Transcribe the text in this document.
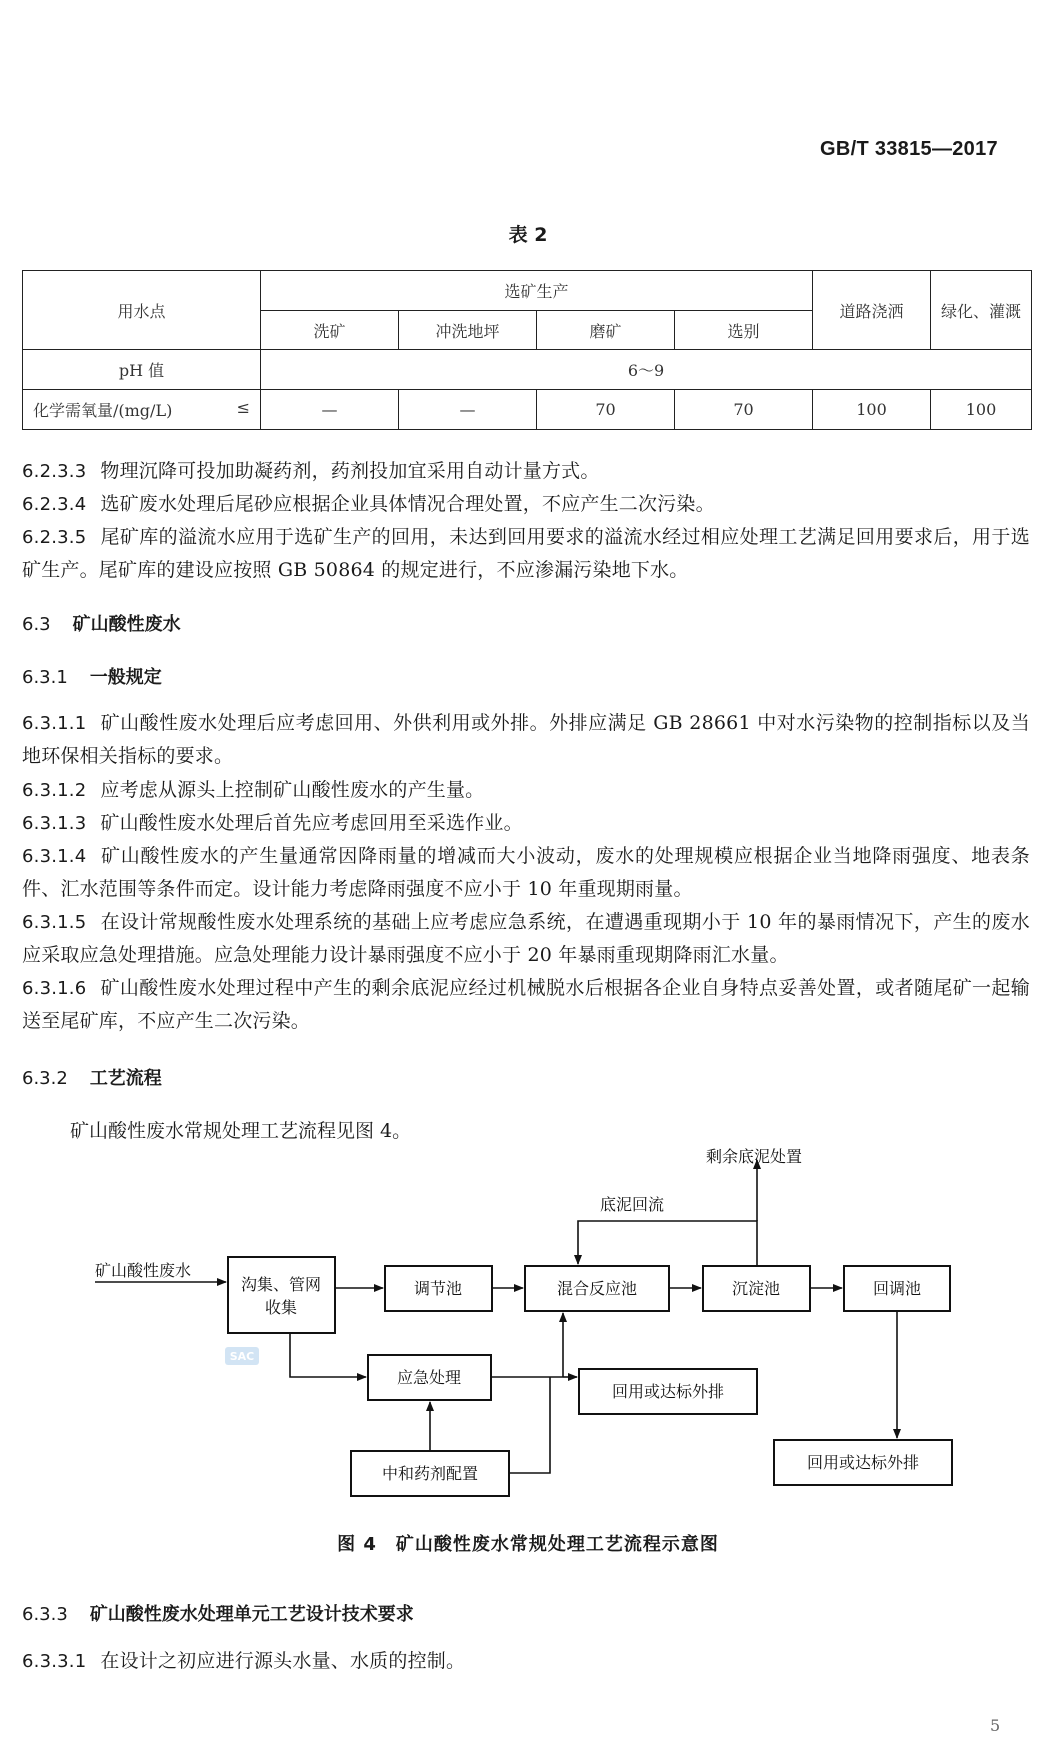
GB/T 33815—2017
表 2
用水点	选矿生产				道路浇洒	绿化、灌溉
	洗矿	冲洗地坪	磨矿	选别		
pH 值	6～9					
化学需氧量/(mg/L) ≤	—	—	70	70	100	100
6.2.3.3 物理沉降可投加助凝药剂，药剂投加宜采用自动计量方式。
6.2.3.4 选矿废水处理后尾砂应根据企业具体情况合理处置，不应产生二次污染。
6.2.3.5 尾矿库的溢流水应用于选矿生产的回用，未达到回用要求的溢流水经过相应处理工艺满足回用要求后，用于选矿生产。尾矿库的建设应按照 GB 50864 的规定进行，不应渗漏污染地下水。
6.3 矿山酸性废水
6.3.1 一般规定
6.3.1.1 矿山酸性废水处理后应考虑回用、外供利用或外排。外排应满足 GB 28661 中对水污染物的控制指标以及当地环保相关指标的要求。
6.3.1.2 应考虑从源头上控制矿山酸性废水的产生量。
6.3.1.3 矿山酸性废水处理后首先应考虑回用至采选作业。
6.3.1.4 矿山酸性废水的产生量通常因降雨量的增减而大小波动，废水的处理规模应根据企业当地降雨强度、地表条件、汇水范围等条件而定。设计能力考虑降雨强度不应小于 10 年重现期雨量。
6.3.1.5 在设计常规酸性废水处理系统的基础上应考虑应急系统，在遭遇重现期小于 10 年的暴雨情况下，产生的废水应采取应急处理措施。应急处理能力设计暴雨强度不应小于 20 年暴雨重现期降雨汇水量。
6.3.1.6 矿山酸性废水处理过程中产生的剩余底泥应经过机械脱水后根据各企业自身特点妥善处置，或者随尾矿一起输送至尾矿库，不应产生二次污染。
6.3.2 工艺流程
矿山酸性废水常规处理工艺流程见图 4。
矿山酸性废水
沟集、管网
收集
调节池	混合反应池	沉淀池	回调池
应急处理
回用或达标外排
中和药剂配置
回用或达标外排
底泥回流
剩余底泥处置
SAC
图 4　矿山酸性废水常规处理工艺流程示意图
6.3.3 矿山酸性废水处理单元工艺设计技术要求
6.3.3.1 在设计之初应进行源头水量、水质的控制。
5
